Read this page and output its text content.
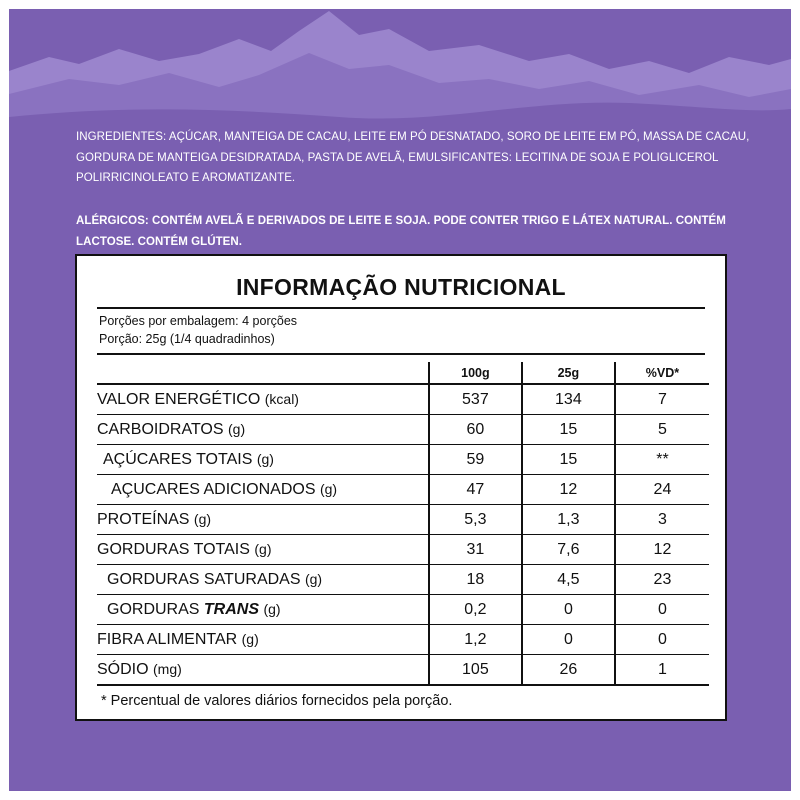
INGREDIENTES: AÇÚCAR, MANTEIGA DE CACAU, LEITE EM PÓ DESNATADO, SORO DE LEITE EM PÓ, MASSA DE CACAU, GORDURA DE MANTEIGA DESIDRATADA, PASTA DE AVELÃ, EMULSIFICANTES: LECITINA DE SOJA E POLIGLICEROL POLIRRICINOLEATO E AROMATIZANTE.
ALÉRGICOS: CONTÉM AVELÃ E DERIVADOS DE LEITE E SOJA. PODE CONTER TRIGO E LÁTEX NATURAL. CONTÉM LACTOSE. CONTÉM GLÚTEN.
INFORMAÇÃO NUTRICIONAL
Porções por embalagem: 4 porções
Porção: 25g (1/4 quadradinhos)
	100g	25g	%VD*
VALOR ENERGÉTICO (kcal)	537	134	7
CARBOIDRATOS (g)	60	15	5
AÇÚCARES TOTAIS (g)	59	15	**
AÇUCARES ADICIONADOS (g)	47	12	24
PROTEÍNAS (g)	5,3	1,3	3
GORDURAS TOTAIS (g)	31	7,6	12
GORDURAS SATURADAS (g)	18	4,5	23
GORDURAS TRANS (g)	0,2	0	0
FIBRA ALIMENTAR (g)	1,2	0	0
SÓDIO (mg)	105	26	1
* Percentual de valores diários fornecidos pela porção.
